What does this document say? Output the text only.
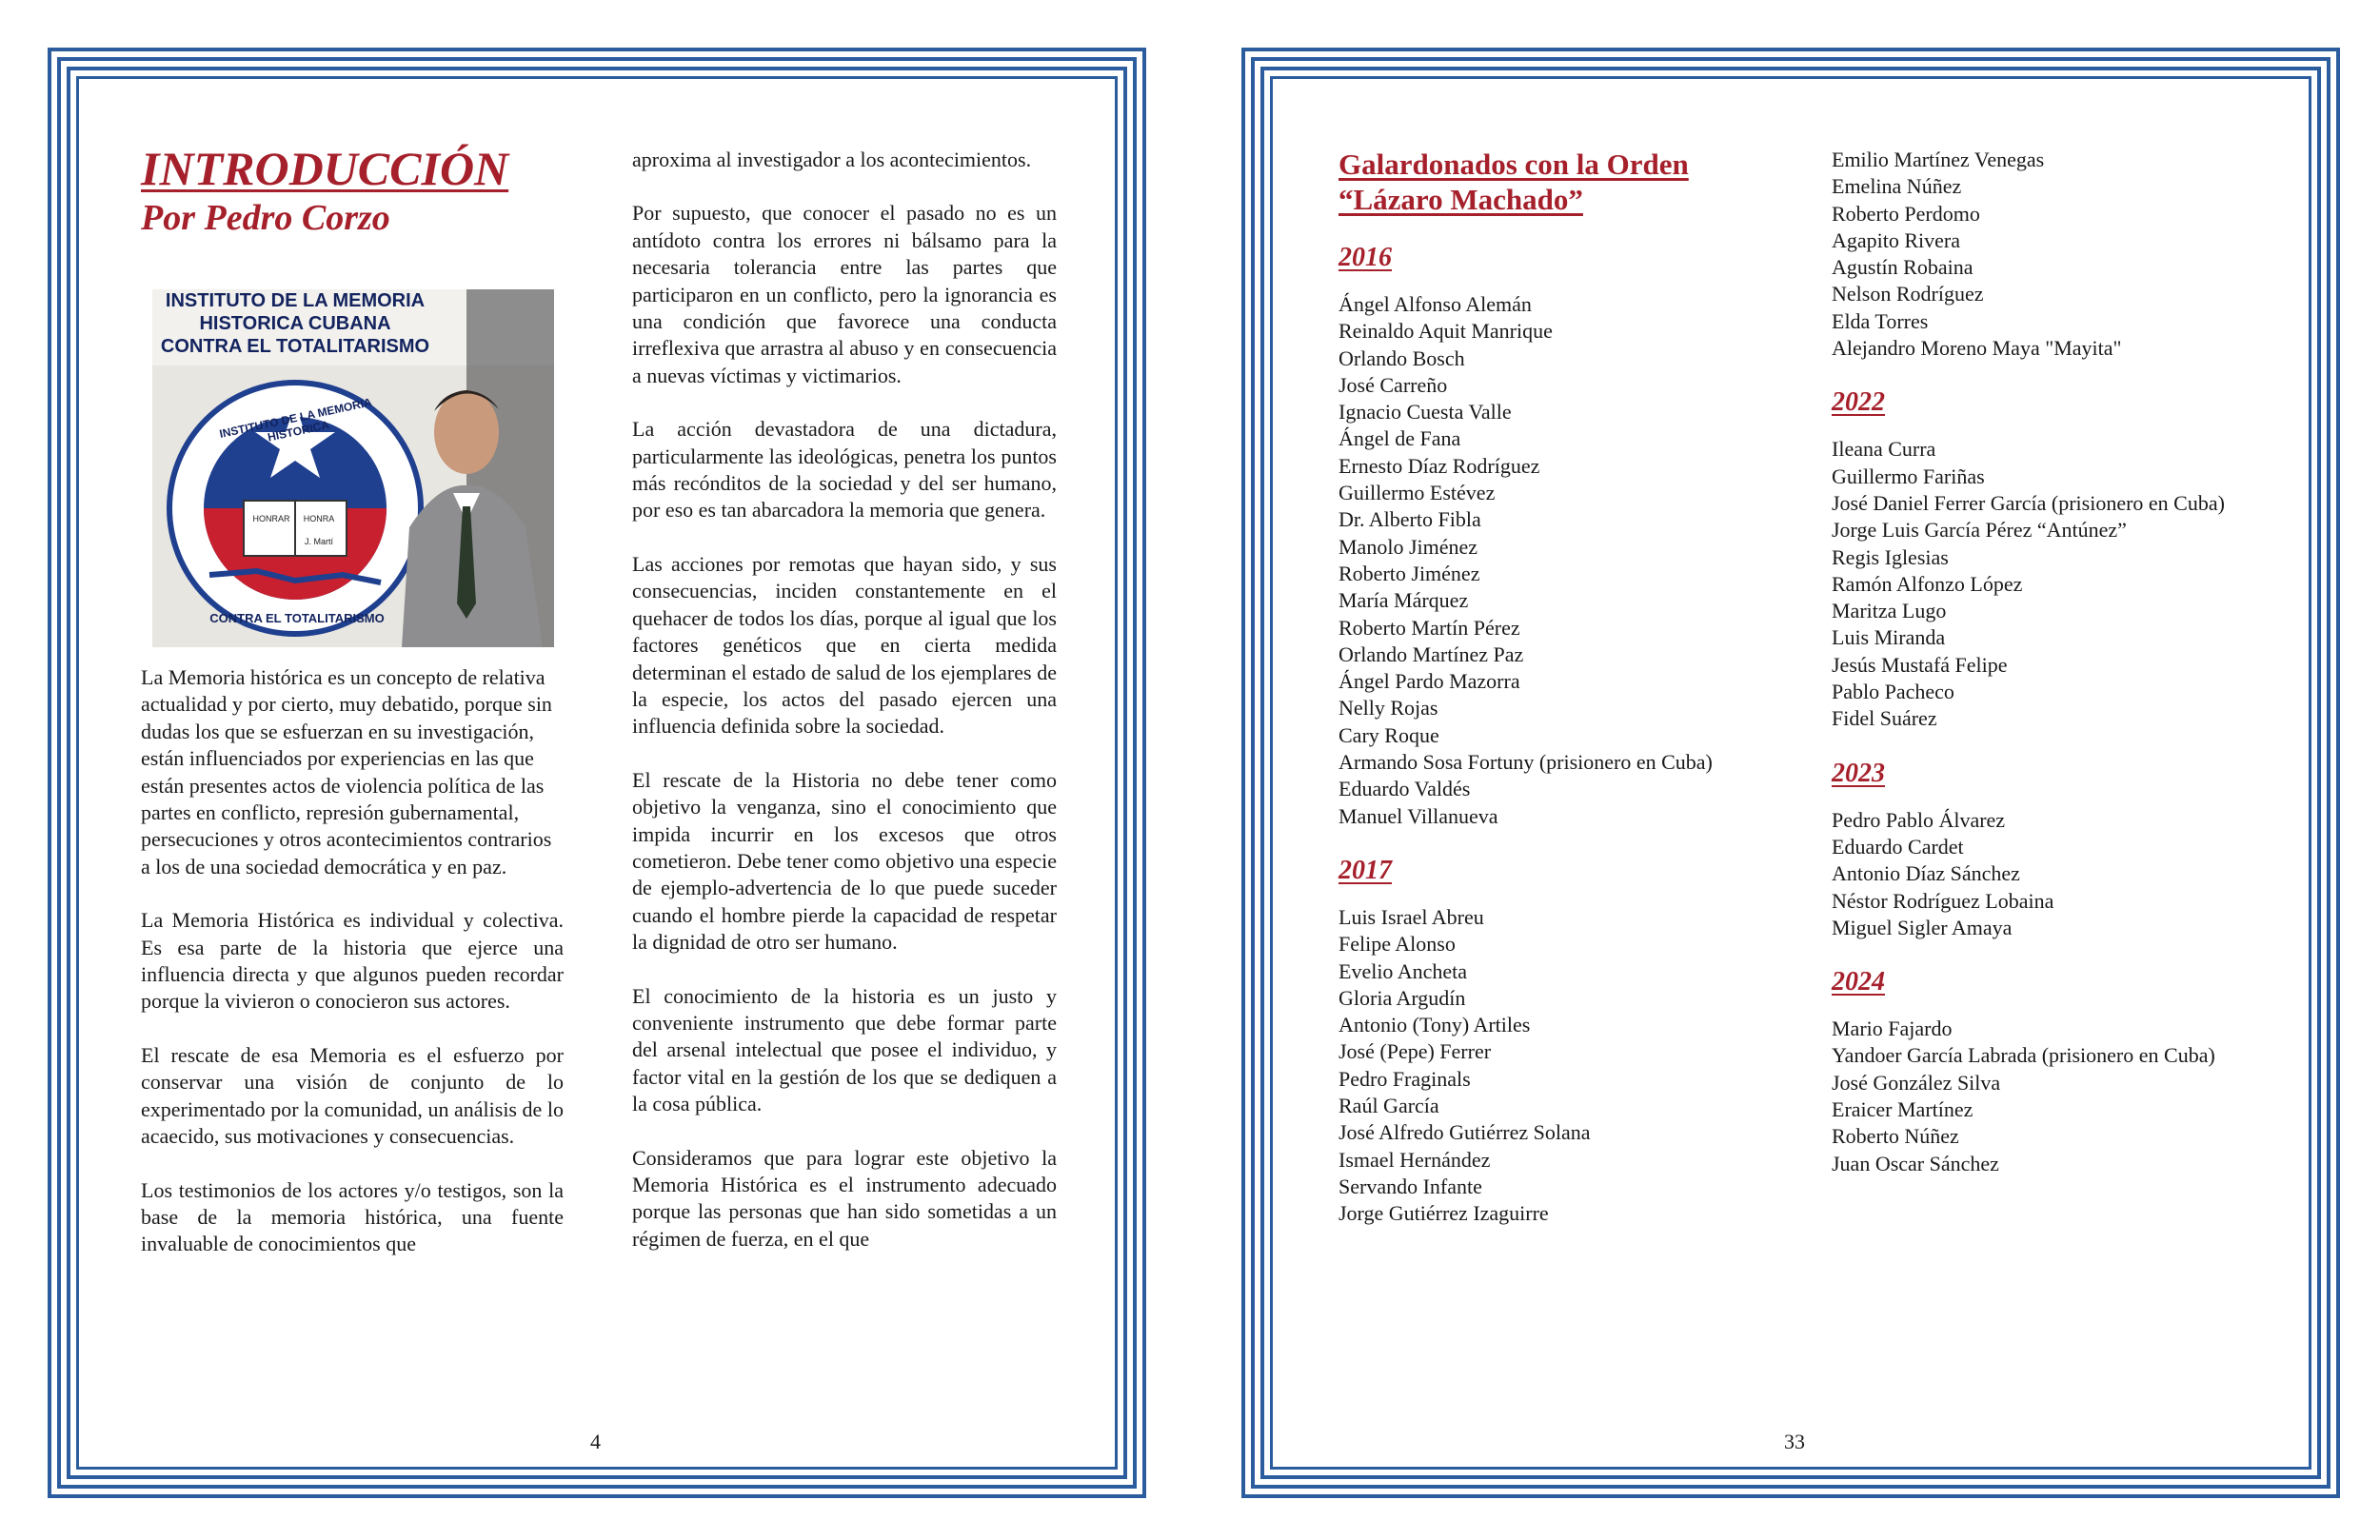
INTRODUCCIÓN
Por Pedro Corzo
INSTITUTO DE LA MEMORIA
HISTORICA CUBANA
CONTRA EL TOTALITARISMO
INSTITUTO DE LA MEMORIA HISTORICA
CONTRA EL TOTALITARISMO
HONRAR	HONRA
J. Martí

La Memoria histórica es un concepto de relativa actualidad y por cierto, muy debatido, porque sin dudas los que se esfuerzan en su investigación, están influenciados por experiencias en las que están presentes actos de violencia política de las partes en conflicto, represión gubernamental, persecuciones y otros acontecimientos contrarios a los de una sociedad democrática y en paz.

La Memoria Histórica es individual y colectiva. Es esa parte de la historia que ejerce una influencia directa y que algunos pueden recordar porque la vivieron o conocieron sus actores.

El rescate de esa Memoria es el esfuerzo por conservar una visión de conjunto de lo experimentado por la comunidad, un análisis de lo acaecido, sus motivaciones y consecuencias.

Los testimonios de los actores y/o testigos, son la base de la memoria histórica, una fuente invaluable de conocimientos que

aproxima al investigador a los acontecimientos.

Por supuesto, que conocer el pasado no es un antídoto contra los errores ni bálsamo para la necesaria tolerancia entre las partes que participaron en un conflicto, pero la ignorancia es una condición que favorece una conducta irreflexiva que arrastra al abuso y en consecuencia a nuevas víctimas y victimarios.

La acción devastadora de una dictadura, particularmente las ideológicas, penetra los puntos más recónditos de la sociedad y del ser humano, por eso es tan abarcadora la memoria que genera.

Las acciones por remotas que hayan sido, y sus consecuencias, inciden constantemente en el quehacer de todos los días, porque al igual que los factores genéticos que en cierta medida determinan el estado de salud de los ejemplares de la especie, los actos del pasado ejercen una influencia definida sobre la sociedad.

El rescate de la Historia no debe tener como objetivo la venganza, sino el conocimiento que impida incurrir en los excesos que otros cometieron. Debe tener como objetivo una especie de ejemplo-advertencia de lo que puede suceder cuando el hombre pierde la capacidad de respetar la dignidad de otro ser humano.

El conocimiento de la historia es un justo y conveniente instrumento que debe formar parte del arsenal intelectual que posee el individuo, y factor vital en la gestión de los que se dediquen a la cosa pública.

Consideramos que para lograr este objetivo la Memoria Histórica es el instrumento adecuado porque las personas que han sido sometidas a un régimen de fuerza, en el que

4
Galardonados con la Orden
“Lázaro Machado”
2016
Ángel Alfonso Alemán
Reinaldo Aquit Manrique
Orlando Bosch
José Carreño
Ignacio Cuesta Valle
Ángel de Fana
Ernesto Díaz Rodríguez
Guillermo Estévez
Dr. Alberto Fibla
Manolo Jiménez
Roberto Jiménez
María Márquez
Roberto Martín Pérez
Orlando Martínez Paz
Ángel Pardo Mazorra
Nelly Rojas
Cary Roque
Armando Sosa Fortuny (prisionero en Cuba)
Eduardo Valdés
Manuel Villanueva
2017
Luis Israel Abreu
Felipe Alonso
Evelio Ancheta
Gloria Argudín
Antonio (Tony) Artiles
José (Pepe) Ferrer
Pedro Fraginals
Raúl García
José Alfredo Gutiérrez Solana
Ismael Hernández
Servando Infante
Jorge Gutiérrez Izaguirre
Emilio Martínez Venegas
Emelina Núñez
Roberto Perdomo
Agapito Rivera
Agustín Robaina
Nelson Rodríguez
Elda Torres
Alejandro Moreno Maya "Mayita"
2022
Ileana Curra
Guillermo Fariñas
José Daniel Ferrer García (prisionero en Cuba)
Jorge Luis García Pérez “Antúnez”
Regis Iglesias
Ramón Alfonzo López
Maritza Lugo
Luis Miranda
Jesús Mustafá Felipe
Pablo Pacheco
Fidel Suárez
2023
Pedro Pablo Álvarez
Eduardo Cardet
Antonio Díaz Sánchez
Néstor Rodríguez Lobaina
Miguel Sigler Amaya
2024
Mario Fajardo
Yandoer García Labrada (prisionero en Cuba)
José González Silva
Eraicer Martínez
Roberto Núñez
Juan Oscar Sánchez
33
